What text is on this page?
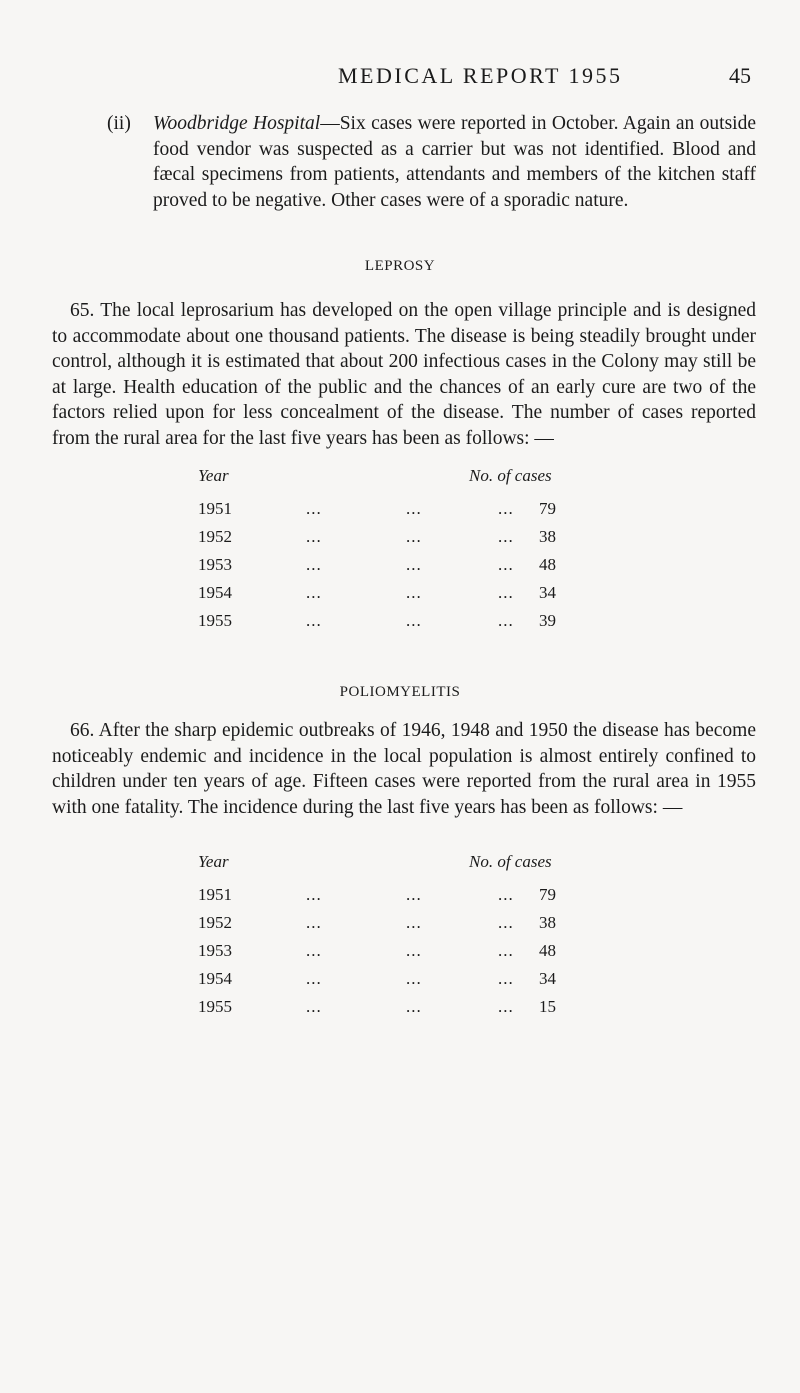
MEDICAL REPORT 1955	45
(ii) Woodbridge Hospital—Six cases were reported in October. Again an outside food vendor was suspected as a carrier but was not identified. Blood and fæcal specimens from patients, attendants and members of the kitchen staff proved to be negative. Other cases were of a sporadic nature.
LEPROSY
65. The local leprosarium has developed on the open village principle and is designed to accommodate about one thousand patients. The disease is being steadily brought under control, although it is estimated that about 200 infectious cases in the Colony may still be at large. Health education of the public and the chances of an early cure are two of the factors relied upon for less concealment of the disease. The number of cases reported from the rural area for the last five years has been as follows: —
Year	No. of cases
1951	...	...	... 79
1952	...	...	... 38
1953	...	...	... 48
1954	...	...	... 34
1955	...	...	... 39
POLIOMYELITIS
66. After the sharp epidemic outbreaks of 1946, 1948 and 1950 the disease has become noticeably endemic and incidence in the local population is almost entirely confined to children under ten years of age. Fifteen cases were reported from the rural area in 1955 with one fatality. The incidence during the last five years has been as follows: —
Year	No. of cases
1951	...	...	... 79
1952	...	...	... 38
1953	...	...	... 48
1954	...	...	... 34
1955	...	...	... 15
